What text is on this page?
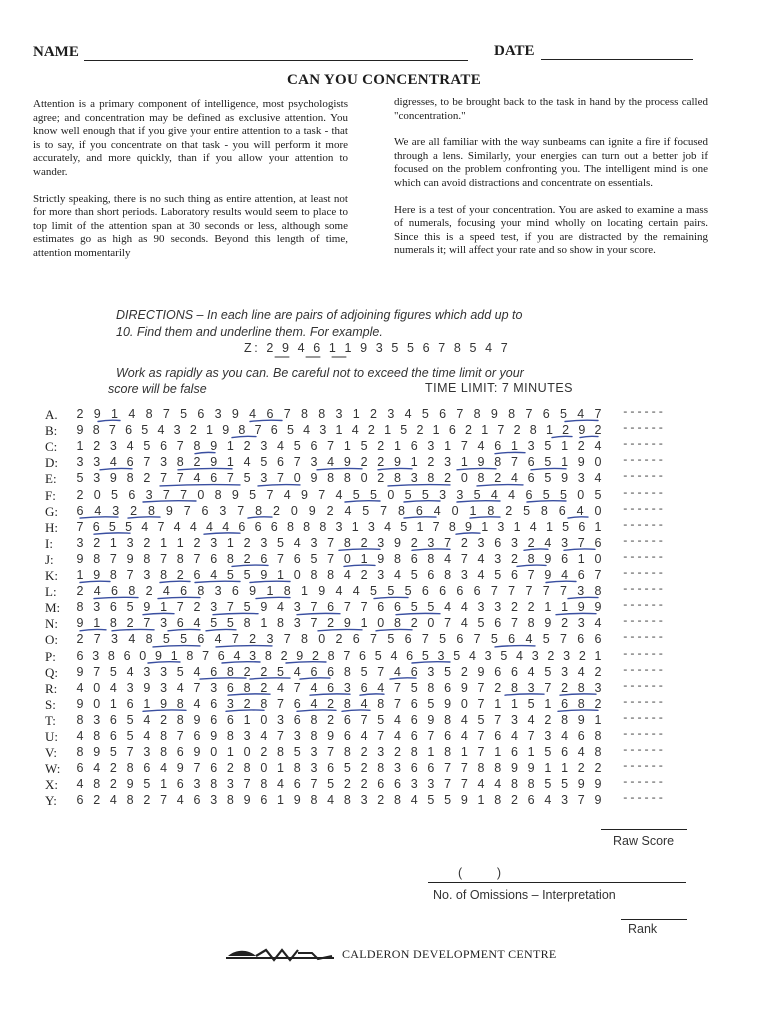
NAME	DATE
CAN YOU CONCENTRATE

Attention is a primary component of intelligence, most psychologists agree; and concentration may be defined as exclusive attention. You know well enough that if you give your entire attention to a task - that is to say, if you concentrate on that task - you will perform it more accurately, and more quickly, than if you allow your attention to wander.

Strictly speaking, there is no such thing as entire attention, at least not for more than short periods. Laboratory results would seem to place to top limit of the attention span at 30 seconds or less, although some estimates go as high as 90 seconds. Beyond this length of time, attention momentarily

digresses, to be brought back to the task in hand by the process called "concentration."

We are all familiar with the way sunbeams can ignite a fire if focused through a lens. Similarly, your energies can turn out a better job if focused on the problem confronting you. The intelligent mind is one which can avoid distractions and concentrate on essentials.

Here is a test of your concentration. You are asked to examine a mass of numerals, focusing your mind wholly on locating certain pairs. Since this is a speed test, if you are distracted by the remaining numerals it; will affect your rate and so show in your score.

DIRECTIONS – In each line are pairs of adjoining figures which add up to
10. Find them and underline them. For example.
Z: 2 9 4 6 1 1 9 3 5 5 6 7 8 5 4 7
Work as rapidly as you can. Be careful not to exceed the time limit or your
score will be false	TIME LIMIT: 7 MINUTES
A.	2 9 1 4 8 7 5 6 3 9 4 6 7 8 8 3 1 2 3 4 5 6 7 8 9 8 7 6 5 4 7 ------
B:	9 8 7 6 5 4 3 2 1 9 8 7 6 5 4 3 1 4 2 1 5 2 1 6 2 1 7 2 8 1 2 9 2 ------
C:	1 2 3 4 5 6 7 8 9 1 2 3 4 5 6 7 1 5 2 1 6 3 1 7 4 6 1 3 5 1 2 4 ------
D:	3 3 4 6 7 3 8 2 9 1 4 5 6 7 3 4 9 2 2 9 1 2 3 1 9 8 7 6 5 1 9 0 ------
E:	5 3 9 8 2 7 7 4 6 7 5 3 7 0 9 8 8 0 2 8 3 8 2 0 8 2 4 6 5 9 3 4 ------
F:	2 0 5 6 3 7 7 0 8 9 5 7 4 9 7 4 5 5 0 5 5 3 3 5 4 4 6 5 5 0 5 ------
G:	6 4 3 2 8 9 7 6 3 7 8 2 0 9 2 4 5 7 8 6 4 0 1 8 2 5 8 6 4 0 ------
H:	7 6 5 5 4 7 4 4 4 4 6 6 6 8 8 8 3 1 3 4 5 1 7 8 9 1 3 1 4 1 5 6 1 ------
I:	3 2 1 3 2 1 1 2 3 1 2 3 5 4 3 7 8 2 3 9 2 3 7 2 3 6 3 2 4 3 7 6 ------
J:	9 8 7 9 8 7 8 7 6 8 2 6 7 6 5 7 0 1 9 8 6 8 4 7 4 3 2 8 9 6 1 0 ------
K:	1 9 8 7 3 8 2 6 4 5 5 9 1 0 8 8 4 2 3 4 5 6 8 3 4 5 6 7 9 4 6 7 ------
L:	2 4 6 8 2 4 6 8 3 6 9 1 8 1 9 4 4 5 5 5 6 6 6 6 7 7 7 7 7 3 8 ------
M:	8 3 6 5 9 1 7 2 3 7 5 9 4 3 7 6 7 7 6 6 5 5 4 4 3 3 2 2 1 1 9 9 ------
N:	9 1 8 2 7 3 6 4 5 5 8 1 8 3 7 2 9 1 0 8 2 0 7 4 5 6 7 8 9 2 3 4 ------
O:	2 7 3 4 8 5 5 6 4 7 2 3 7 8 0 2 6 7 5 6 7 5 6 7 5 6 4 5 7 6 6 ------
P:	6 3 8 6 0 9 1 8 7 6 4 3 8 2 9 2 8 7 6 5 4 6 5 3 5 4 3 5 4 3 2 3 2 1 ------
Q:	9 7 5 4 3 3 5 4 6 8 2 2 5 4 6 6 8 5 7 4 6 3 5 2 9 6 6 4 5 3 4 2 ------
R:	4 0 4 3 9 3 4 7 3 6 8 2 4 7 4 6 3 6 4 7 5 8 6 9 7 2 8 3 7 2 8 3 ------
S:	9 0 1 6 1 9 8 4 6 3 2 8 7 6 4 2 8 4 8 7 6 5 9 0 7 1 1 5 1 6 8 2 ------
T:	8 3 6 5 4 2 8 9 6 6 1 0 3 6 8 2 6 7 5 4 6 9 8 4 5 7 3 4 2 8 9 1 ------
U:	4 8 6 5 4 8 7 6 9 8 3 4 7 3 8 9 6 4 7 4 6 7 6 4 7 6 4 7 3 4 6 8 ------
V:	8 9 5 7 3 8 6 9 0 1 0 2 8 5 3 7 8 2 3 2 8 1 8 1 7 1 6 1 5 6 4 8 ------
W:	6 4 2 8 6 4 9 7 6 2 8 0 1 8 3 6 5 2 8 3 6 6 7 7 8 8 9 9 1 1 2 2 ------
X:	4 8 2 9 5 1 6 3 8 3 7 8 4 6 7 5 2 2 6 6 3 3 7 7 4 4 8 8 5 5 9 9 ------
Y:	6 2 4 8 2 7 4 6 3 8 9 6 1 9 8 4 8 3 2 8 4 5 5 9 1 8 2 6 4 3 7 9 ------
Raw Score
(          )
No. of Omissions – Interpretation
Rank
CALDERON DEVELOPMENT CENTRE
